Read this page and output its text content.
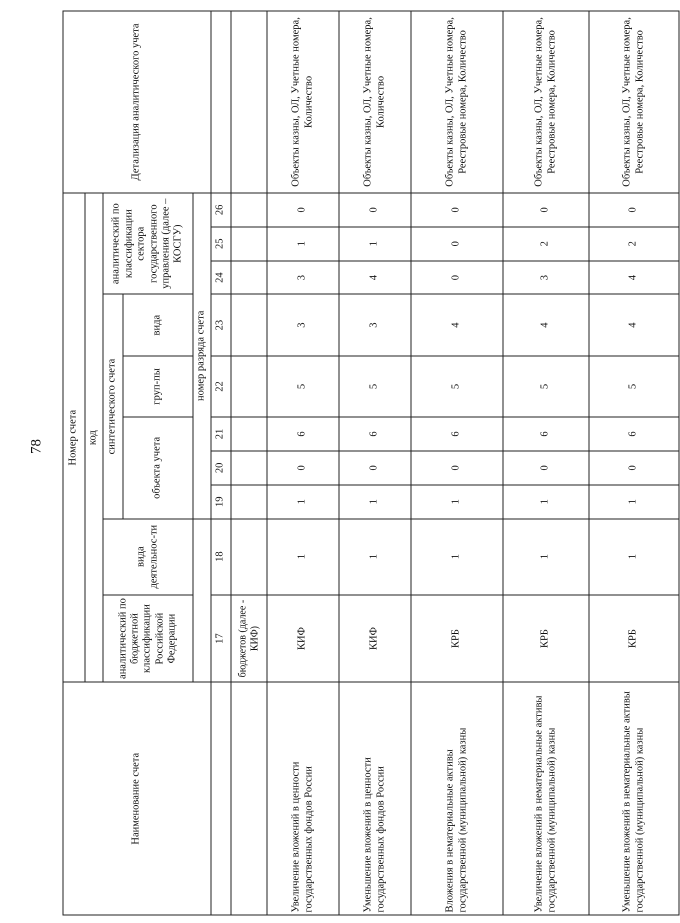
78
Наименование счета	Номер счета										Детализация аналитического учета
	код										
	аналитический по бюджетной классификации Российской Федерации	вида деятельнос-ти	синтетического счета					аналитический по классификации сектора государственного управления (далее – КОСГУ)			
			объекта учета			груп-пы	вида				
			номер разряда счета								
	17	18	19	20	21	22	23	24	25	26	
	бюджетов (далее - КИФ)										
Увеличение вложений в ценности государственных фондов России	КИФ	1	1	0	6	5	3	3	1	0	Объекты казны, ОЛ, Учетные номера, Количество
Уменьшение вложений в ценности государственных фондов России	КИФ	1	1	0	6	5	3	4	1	0	Объекты казны, ОЛ, Учетные номера, Количество
Вложения в нематериальные активы государственной (муниципальной) казны	КРБ	1	1	0	6	5	4	0	0	0	Объекты казны, ОЛ, Учетные номера, Реестровые номера, Количество
Увеличение вложений в нематериальные активы государственной (муниципальной) казны	КРБ	1	1	0	6	5	4	3	2	0	Объекты казны, ОЛ, Учетные номера, Реестровые номера, Количество
Уменьшение вложений в нематериальные активы государственной (муниципальной) казны	КРБ	1	1	0	6	5	4	4	2	0	Объекты казны, ОЛ, Учетные номера, Реестровые номера, Количество
